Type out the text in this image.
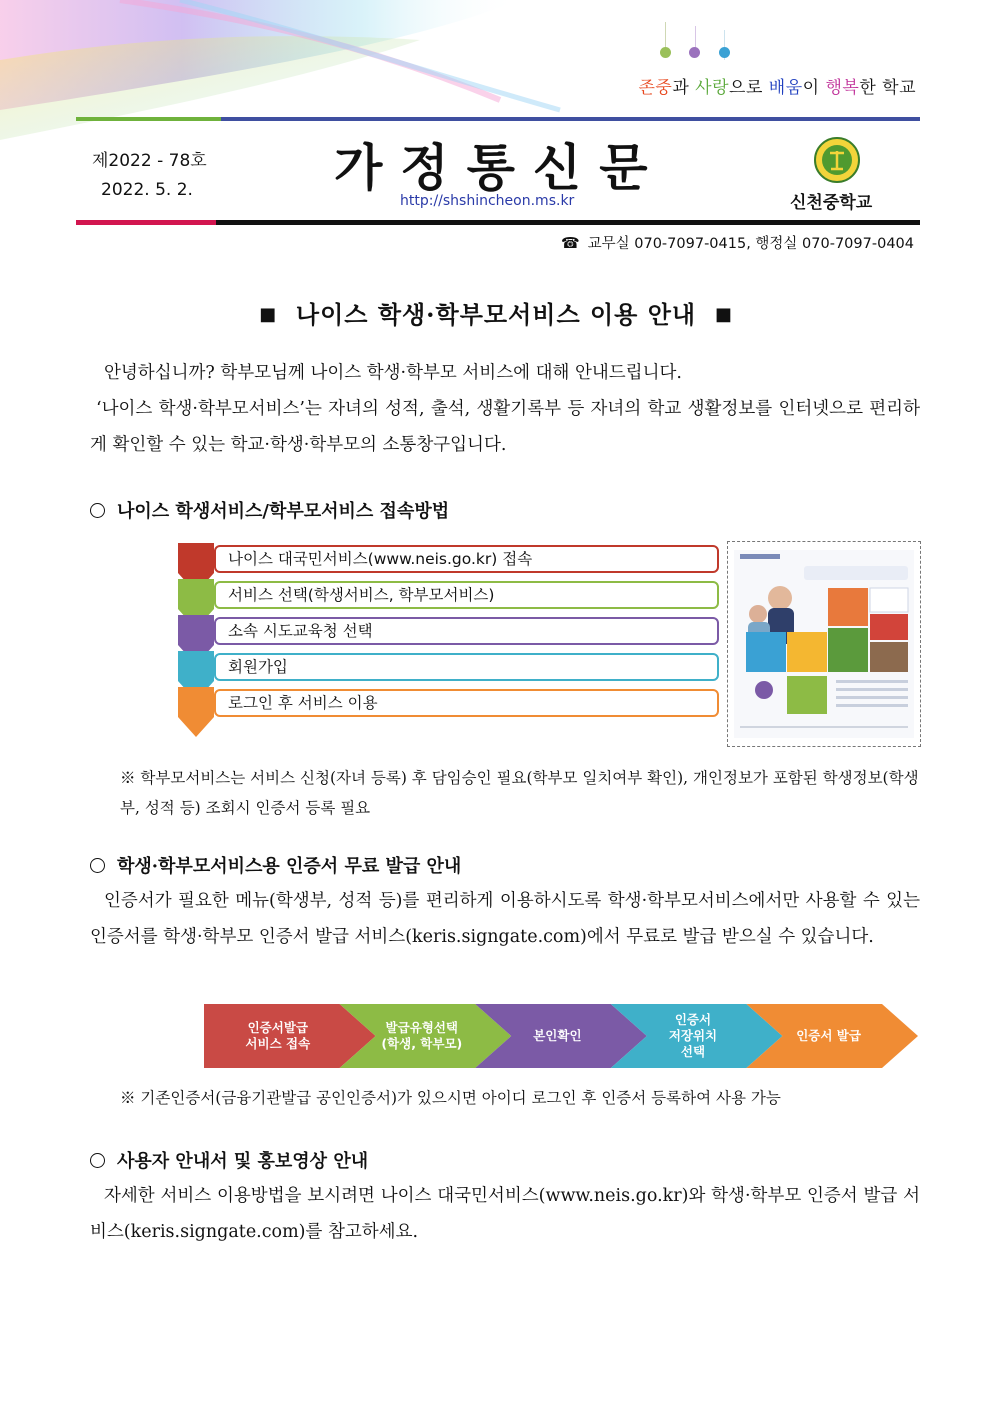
존중과 사랑으로 배움이 행복한 학교
제2022 - 78호
2022. 5. 2.	가정통신문
http://shshincheon.ms.kr	신천중학교
☎ 교무실 070-7097-0415, 행정실 070-7097-0404
■ 나이스 학생·학부모서비스 이용 안내 ■
안녕하십니까? 학부모님께 나이스 학생·학부모 서비스에 대해 안내드립니다.
‘나이스 학생·학부모서비스’는 자녀의 성적, 출석, 생활기록부 등 자녀의 학교 생활정보를 인터넷으로 편리하게 확인할 수 있는 학교·학생·학부모의 소통창구입니다.
나이스 학생서비스/학부모서비스 접속방법
나이스 대국민서비스(www.neis.go.kr) 접속
서비스 선택(학생서비스, 학부모서비스)
소속 시도교육청 선택
회원가입
로그인 후 서비스 이용
※ 학부모서비스는 서비스 신청(자녀 등록) 후 담임승인 필요(학부모 일치여부 확인), 개인정보가 포함된 학생정보(학생부, 성적 등) 조회시 인증서 등록 필요
학생·학부모서비스용 인증서 무료 발급 안내
인증서가 필요한 메뉴(학생부, 성적 등)를 편리하게 이용하시도록 학생·학부모서비스에서만 사용할 수 있는 인증서를 학생·학부모 인증서 발급 서비스(keris.signgate.com)에서 무료로 발급 받으실 수 있습니다.
인증서발급
서비스 접속
발급유형선택
(학생, 학부모)
본인확인
인증서
저장위치
선택
인증서 발급
※ 기존인증서(금융기관발급 공인인증서)가 있으시면 아이디 로그인 후 인증서 등록하여 사용 가능
사용자 안내서 및 홍보영상 안내
자세한 서비스 이용방법을 보시려면 나이스 대국민서비스(www.neis.go.kr)와 학생·학부모 인증서 발급 서비스(keris.signgate.com)를 참고하세요.
